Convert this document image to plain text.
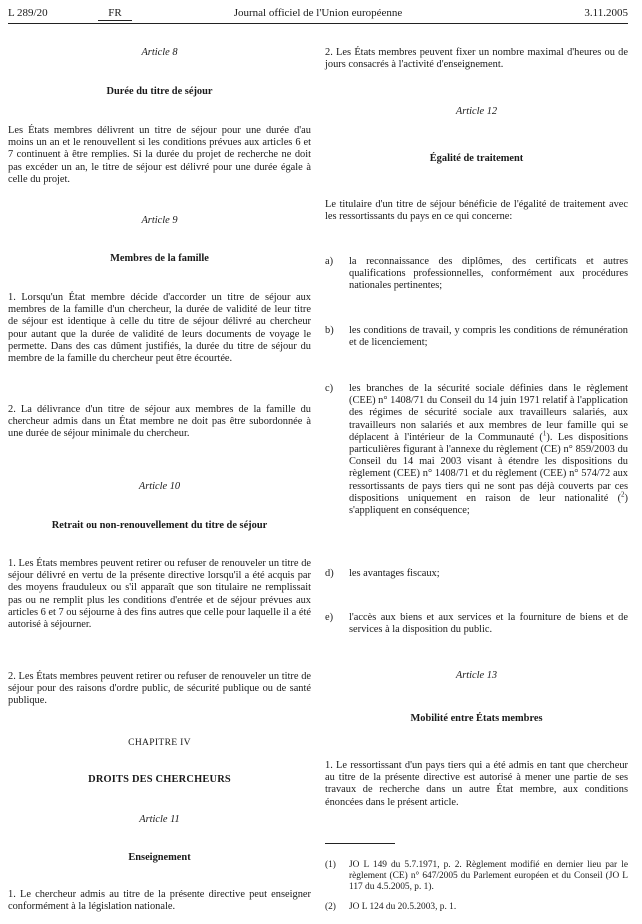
L 289/20	FR	Journal officiel de l'Union européenne	3.11.2005
Article 8
Durée du titre de séjour
Les États membres délivrent un titre de séjour pour une durée d'au moins un an et le renouvellent si les conditions prévues aux articles 6 et 7 continuent à être remplies. Si la durée du projet de recherche ne doit pas excéder un an, le titre de séjour est délivré pour une durée égale à celle du projet.
Article 9
Membres de la famille
1. Lorsqu'un État membre décide d'accorder un titre de séjour aux membres de la famille d'un chercheur, la durée de validité de leur titre de séjour est identique à celle du titre de séjour délivré au chercheur pour autant que la durée de validité de leurs documents de voyage le permette. Dans des cas dûment justifiés, la durée du titre de séjour du membre de la famille du chercheur peut être écourtée.
2. La délivrance d'un titre de séjour aux membres de la famille du chercheur admis dans un État membre ne doit pas être subordonnée à une durée de séjour minimale du chercheur.
Article 10
Retrait ou non-renouvellement du titre de séjour
1. Les États membres peuvent retirer ou refuser de renouveler un titre de séjour délivré en vertu de la présente directive lorsqu'il a été acquis par des moyens frauduleux ou s'il apparaît que son titulaire ne remplissait pas ou ne remplit plus les conditions d'entrée et de séjour prévues aux articles 6 et 7 ou séjourne à des fins autres que celle pour laquelle il a été autorisé à séjourner.
2. Les États membres peuvent retirer ou refuser de renouveler un titre de séjour pour des raisons d'ordre public, de sécurité publique ou de santé publique.
CHAPITRE IV
DROITS DES CHERCHEURS
Article 11
Enseignement
1. Le chercheur admis au titre de la présente directive peut enseigner conformément à la législation nationale.
2. Les États membres peuvent fixer un nombre maximal d'heures ou de jours consacrés à l'activité d'enseignement.
Article 12
Égalité de traitement
Le titulaire d'un titre de séjour bénéficie de l'égalité de traitement avec les ressortissants du pays en ce qui concerne:
a)	la reconnaissance des diplômes, des certificats et autres qualifications professionnelles, conformément aux procédures nationales pertinentes;
b)	les conditions de travail, y compris les conditions de rémunération et de licenciement;
c)	les branches de la sécurité sociale définies dans le règlement (CEE) n° 1408/71 du Conseil du 14 juin 1971 relatif à l'application des régimes de sécurité sociale aux travailleurs salariés, aux travailleurs non salariés et aux membres de leur famille qui se déplacent à l'intérieur de la Communauté ($^1$). Les dispositions particulières figurant à l'annexe du règlement (CE) n° 859/2003 du Conseil du 14 mai 2003 visant à étendre les dispositions du règlement (CEE) n° 1408/71 et du règlement (CEE) n° 574/72 aux ressortissants de pays tiers qui ne sont pas déjà couverts par ces dispositions uniquement en raison de leur nationalité ($^2$) s'appliquent en conséquence;
d)	les avantages fiscaux;
e)	l'accès aux biens et aux services et la fourniture de biens et de services à la disposition du public.
Article 13
Mobilité entre États membres
1. Le ressortissant d'un pays tiers qui a été admis en tant que chercheur au titre de la présente directive est autorisé à mener une partie de ses travaux de recherche dans un autre État membre, aux conditions énoncées dans le présent article.
(1)	JO L 149 du 5.7.1971, p. 2. Règlement modifié en dernier lieu par le règlement (CE) n° 647/2005 du Parlement européen et du Conseil (JO L 117 du 4.5.2005, p. 1).
(2)	JO L 124 du 20.5.2003, p. 1.
